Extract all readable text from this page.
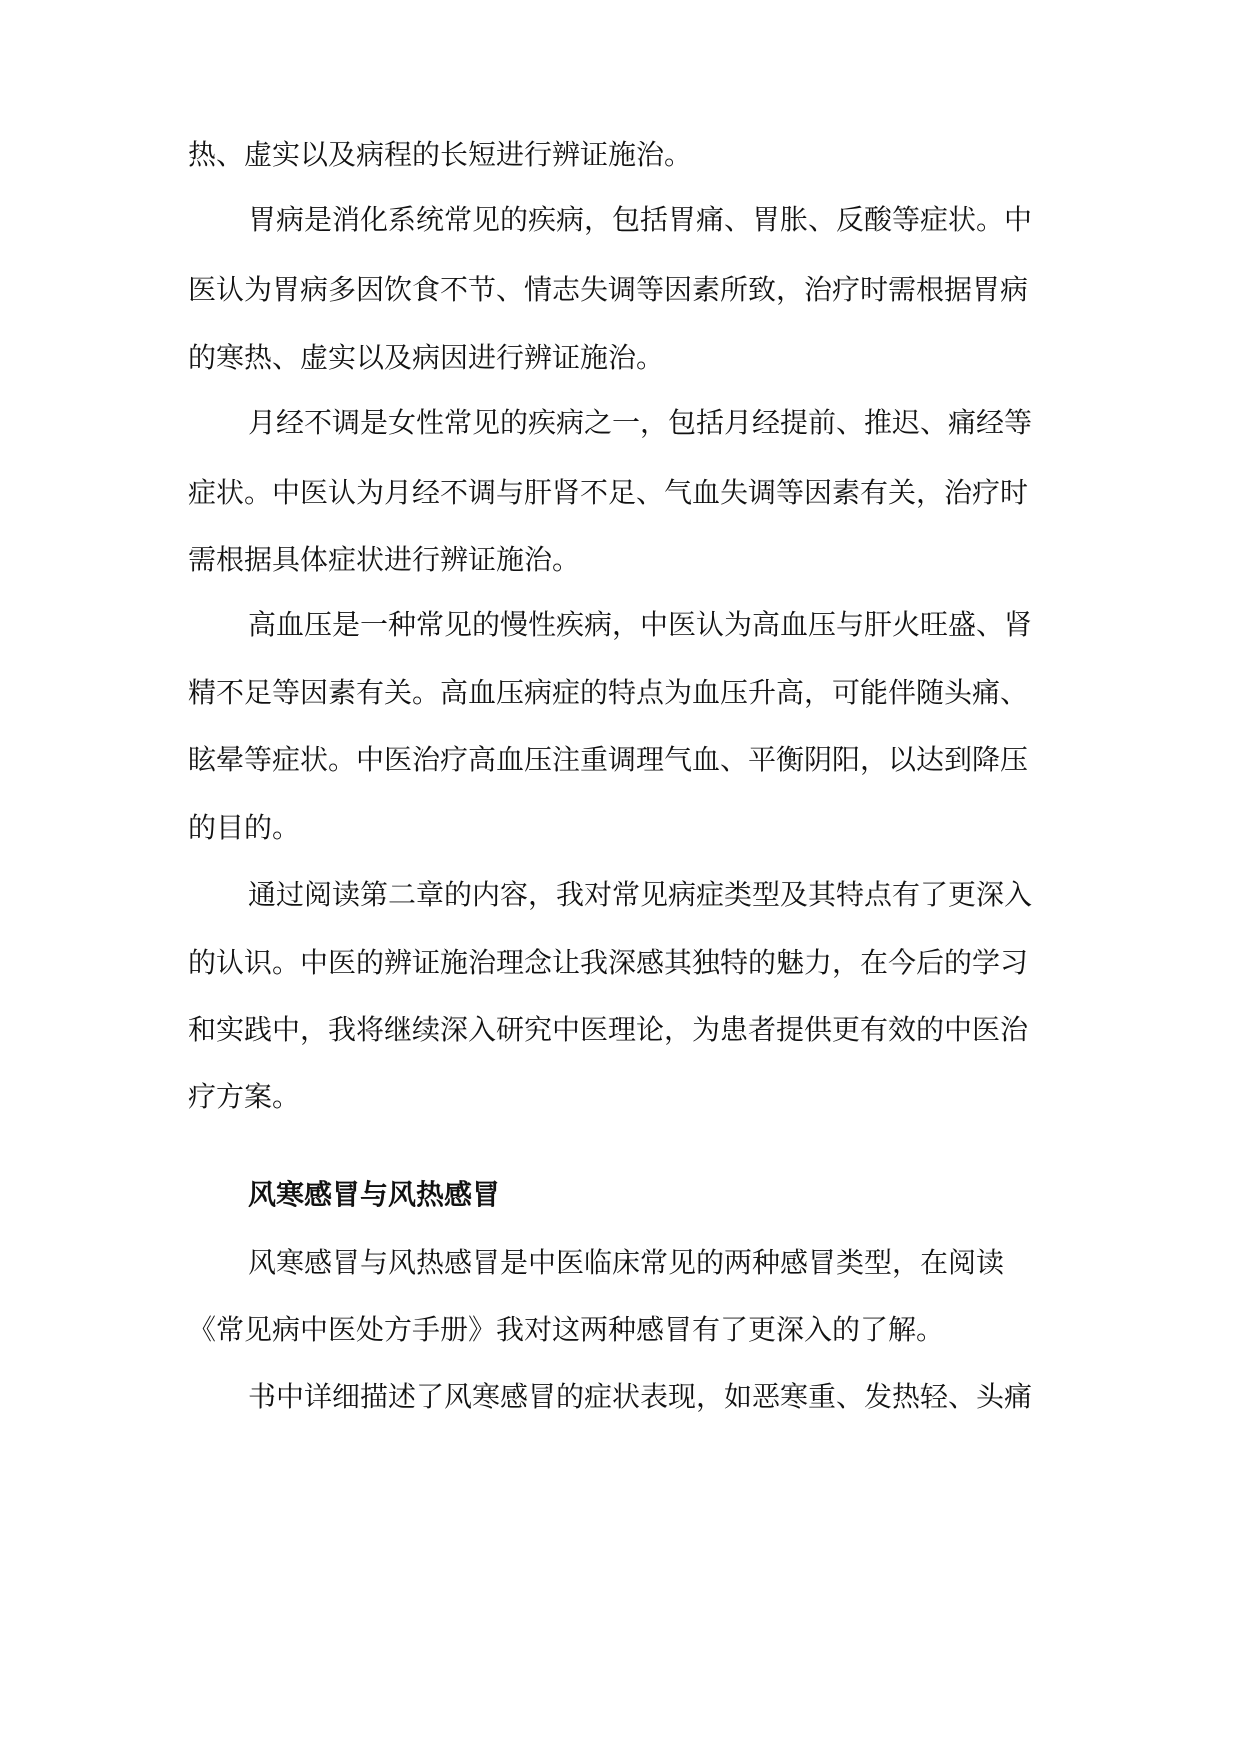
热、虚实以及病程的长短进行辨证施治。
胃病是消化系统常见的疾病，包括胃痛、胃胀、反酸等症状。中
医认为胃病多因饮食不节、情志失调等因素所致，治疗时需根据胃病
的寒热、虚实以及病因进行辨证施治。
月经不调是女性常见的疾病之一，包括月经提前、推迟、痛经等
症状。中医认为月经不调与肝肾不足、气血失调等因素有关，治疗时
需根据具体症状进行辨证施治。
高血压是一种常见的慢性疾病，中医认为高血压与肝火旺盛、肾
精不足等因素有关。高血压病症的特点为血压升高，可能伴随头痛、
眩晕等症状。中医治疗高血压注重调理气血、平衡阴阳，以达到降压
的目的。
通过阅读第二章的内容，我对常见病症类型及其特点有了更深入
的认识。中医的辨证施治理念让我深感其独特的魅力，在今后的学习
和实践中，我将继续深入研究中医理论，为患者提供更有效的中医治
疗方案。
风寒感冒与风热感冒
风寒感冒与风热感冒是中医临床常见的两种感冒类型，在阅读
《常见病中医处方手册》我对这两种感冒有了更深入的了解。
书中详细描述了风寒感冒的症状表现，如恶寒重、发热轻、头痛
